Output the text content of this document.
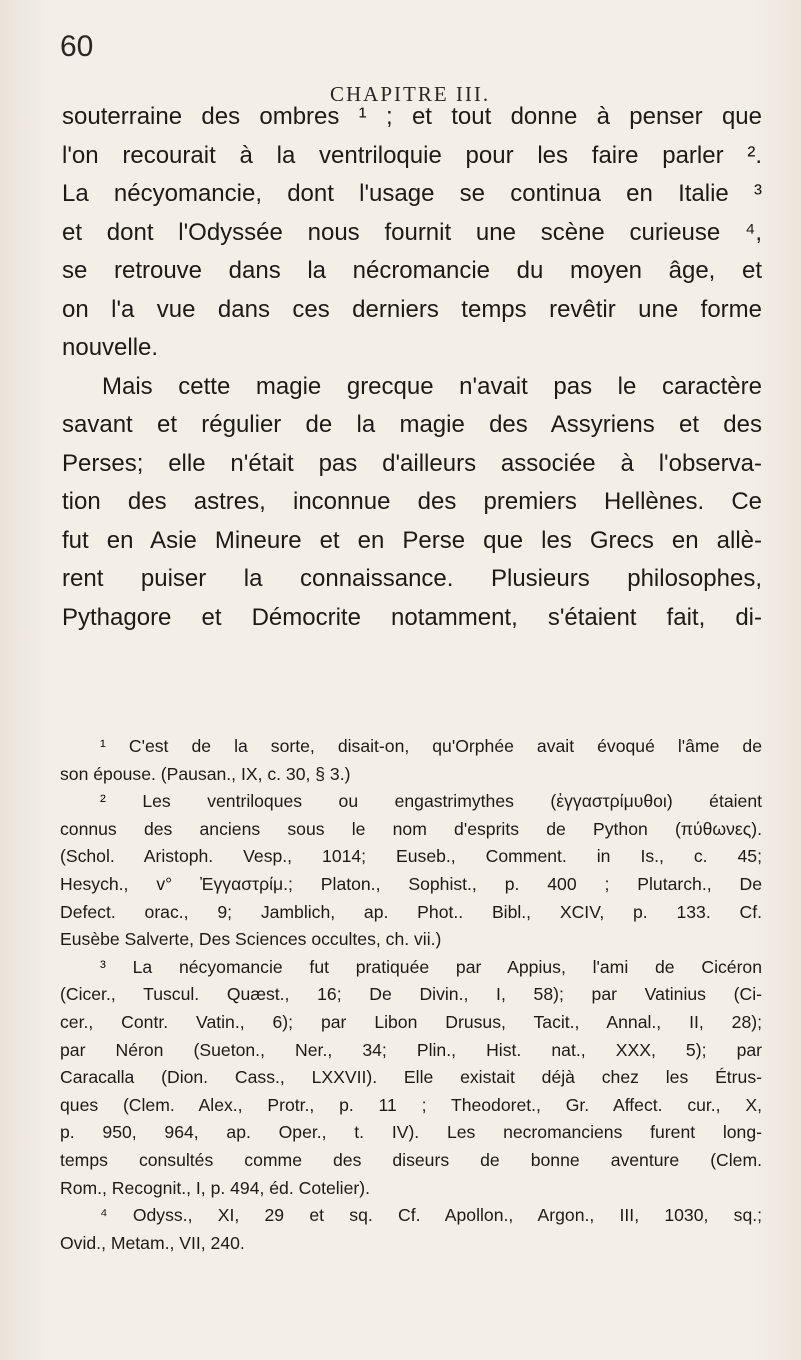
60
CHAPITRE III.
souterraine des ombres ¹ ; et tout donne à penser que
l'on recourait à la ventriloquie pour les faire parler ².
La nécyomancie, dont l'usage se continua en Italie ³
et dont l'Odyssée nous fournit une scène curieuse ⁴,
se retrouve dans la nécromancie du moyen âge, et
on l'a vue dans ces derniers temps revêtir une forme
nouvelle.
Mais cette magie grecque n'avait pas le caractère
savant et régulier de la magie des Assyriens et des
Perses; elle n'était pas d'ailleurs associée à l'observa-
tion des astres, inconnue des premiers Hellènes. Ce
fut en Asie Mineure et en Perse que les Grecs en allè-
rent puiser la connaissance. Plusieurs philosophes,
Pythagore et Démocrite notamment, s'étaient fait, di-
¹ C'est de la sorte, disait-on, qu'Orphée avait évoqué l'âme de
son épouse. (Pausan., IX, c. 30, § 3.)
² Les ventriloques ou engastrimythes (ἐγγαστρίμυθοι) étaient
connus des anciens sous le nom d'esprits de Python (πύθωνες).
(Schol. Aristoph. Vesp., 1014; Euseb., Comment. in Is., c. 45;
Hesych., v° Ἐγγαστρίμ.; Platon., Sophist., p. 400 ; Plutarch., De
Defect. orac., 9; Jamblich, ap. Phot.. Bibl., XCIV, p. 133. Cf.
Eusèbe Salverte, Des Sciences occultes, ch. vii.)
³ La nécyomancie fut pratiquée par Appius, l'ami de Cicéron
(Cicer., Tuscul. Quæst., 16; De Divin., I, 58); par Vatinius (Ci-
cer., Contr. Vatin., 6); par Libon Drusus, Tacit., Annal., II, 28);
par Néron (Sueton., Ner., 34; Plin., Hist. nat., XXX, 5); par
Caracalla (Dion. Cass., LXXVII). Elle existait déjà chez les Étrus-
ques (Clem. Alex., Protr., p. 11 ; Theodoret., Gr. Affect. cur., X,
p. 950, 964, ap. Oper., t. IV). Les necromanciens furent long-
temps consultés comme des diseurs de bonne aventure (Clem.
Rom., Recognit., I, p. 494, éd. Cotelier).
⁴ Odyss., XI, 29 et sq. Cf. Apollon., Argon., III, 1030, sq.;
Ovid., Metam., VII, 240.
